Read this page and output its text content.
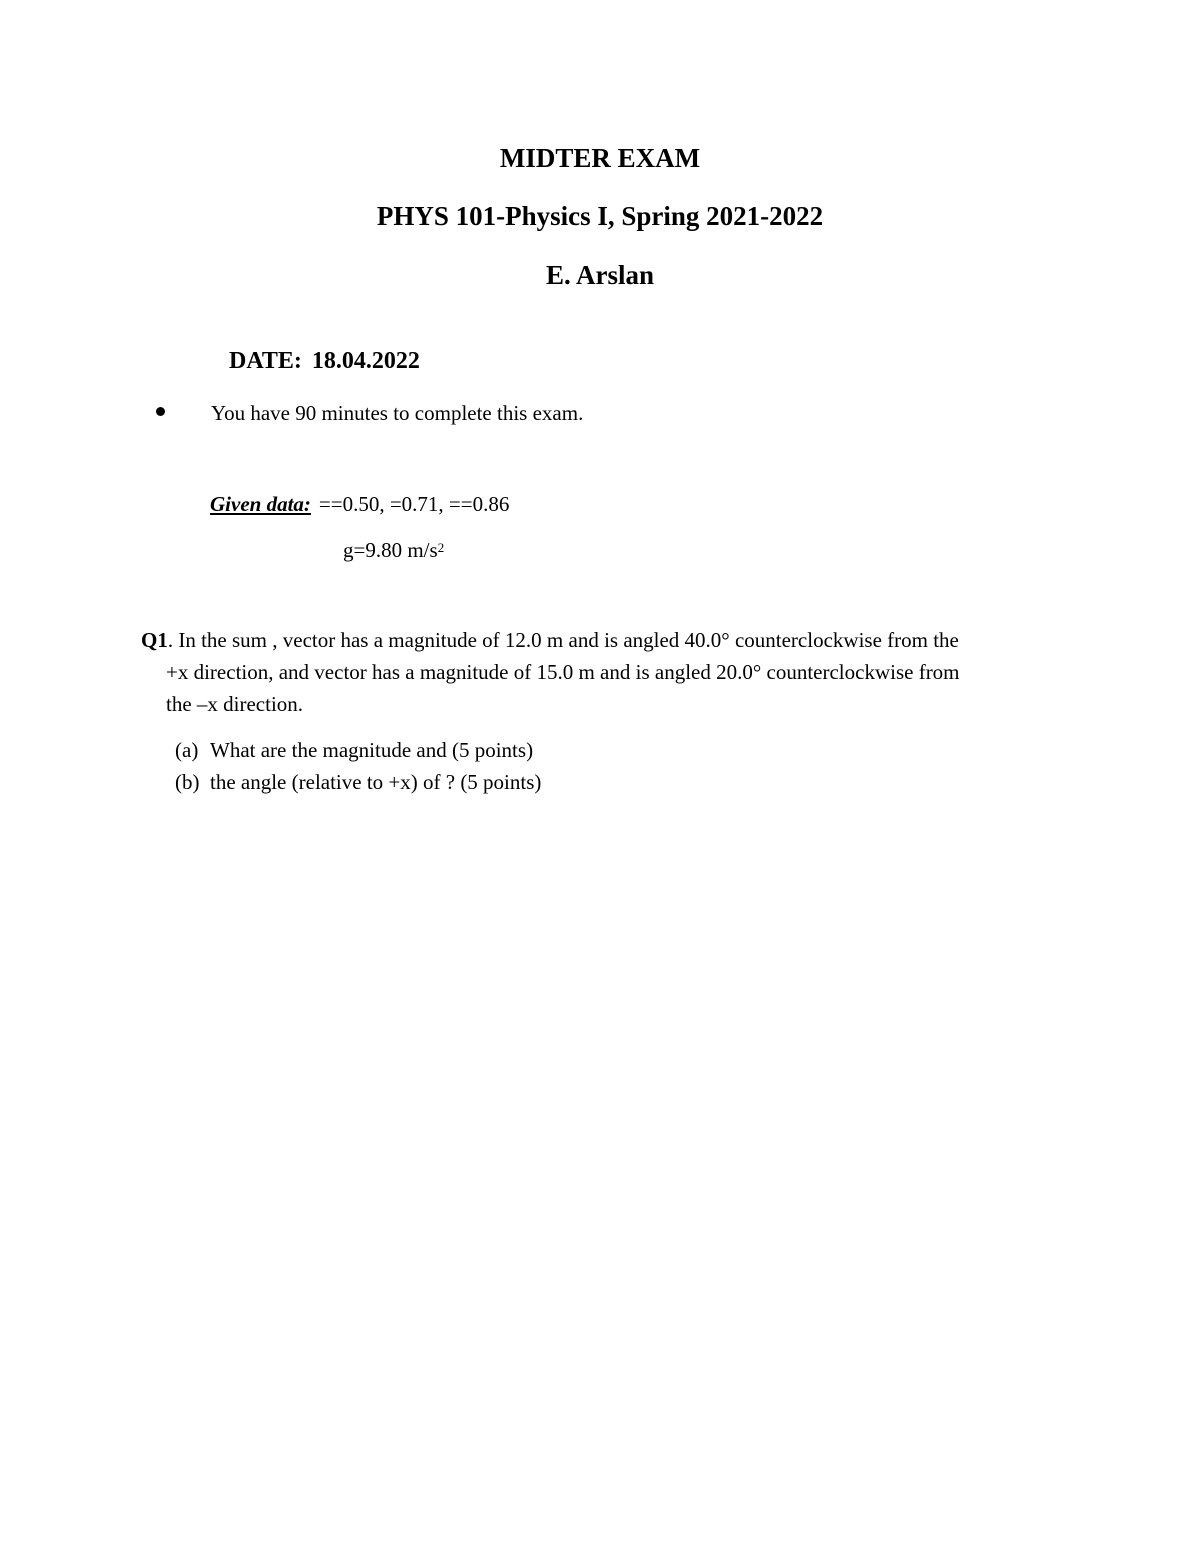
MIDTER EXAM
PHYS 101-Physics I, Spring 2021-2022
E. Arslan
DATE: 18.04.2022
You have 90 minutes to complete this exam.
Given data: ==0.50, =0.71, ==0.86
g=9.80 $m/s^2$
Q1. In the sum , vector has a magnitude of 12.0 m and is angled 40.0° counterclockwise from the
+x direction, and vector has a magnitude of 15.0 m and is angled 20.0° counterclockwise from
the –x direction.
(a) What are the magnitude and (5 points)
(b) the angle (relative to +x) of ? (5 points)
